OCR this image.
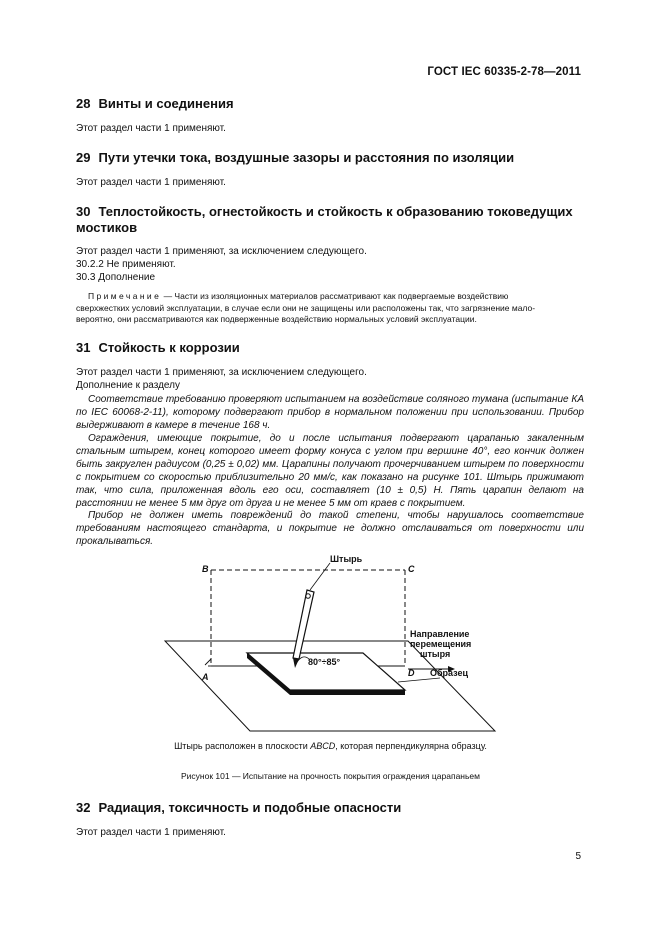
ГОСТ IEC 60335-2-78—2011
28 Винты и соединения
Этот раздел части 1 применяют.
29 Пути утечки тока, воздушные зазоры и расстояния по изоляции
Этот раздел части 1 применяют.
30 Теплостойкость, огнестойкость и стойкость к образованию токоведущих
мостиков
Этот раздел части 1 применяют, за исключением следующего.
30.2.2 Не применяют.
30.3 Дополнение
Примечание — Части из изоляционных материалов рассматривают как подвергаемые воздействию
сверхжестких условий эксплуатации, в случае если они не защищены или расположены так, что загрязнение мало-
вероятно, они рассматриваются как подверженные воздействию нормальных условий эксплуатации.
31 Стойкость к коррозии
Этот раздел части 1 применяют, за исключением следующего.
Дополнение к разделу
Соответствие требованию проверяют испытанием на воздействие соляного тумана (испытание КА по IEC 60068-2-11), которому подвергают прибор в нормальном положении при использовании. Прибор выдерживают в камере в течение 168 ч.
Ограждения, имеющие покрытие, до и после испытания подвергают царапанью закаленным стальным штырем, конец которого имеет форму конуса с углом при вершине 40°, его кончик должен быть закруглен радиусом (0,25 ± 0,02) мм. Царапины получают прочерчиванием штырем по поверхности с покрытием со скоростью приблизительно 20 мм/с, как показано на рисунке 101. Штырь прижимают так, что сила, приложенная вдоль его оси, составляет (10 ± 0,5) Н. Пять царапин делают на расстоянии не менее 5 мм друг от друга и не менее 5 мм от краев с покрытием.
Прибор не должен иметь повреждений до такой степени, чтобы нарушалось соответствие требованиям настоящего стандарта, и покрытие не должно отслаиваться от поверхности или прокалываться.
Штырь
80°÷85°
Направление
перемещения
штыря
Образец
B	C
A	D
Штырь расположен в плоскости ABCD, которая перпендикулярна образцу.
Рисунок 101 — Испытание на прочность покрытия ограждения царапаньем
32 Радиация, токсичность и подобные опасности
Этот раздел части 1 применяют.
5
